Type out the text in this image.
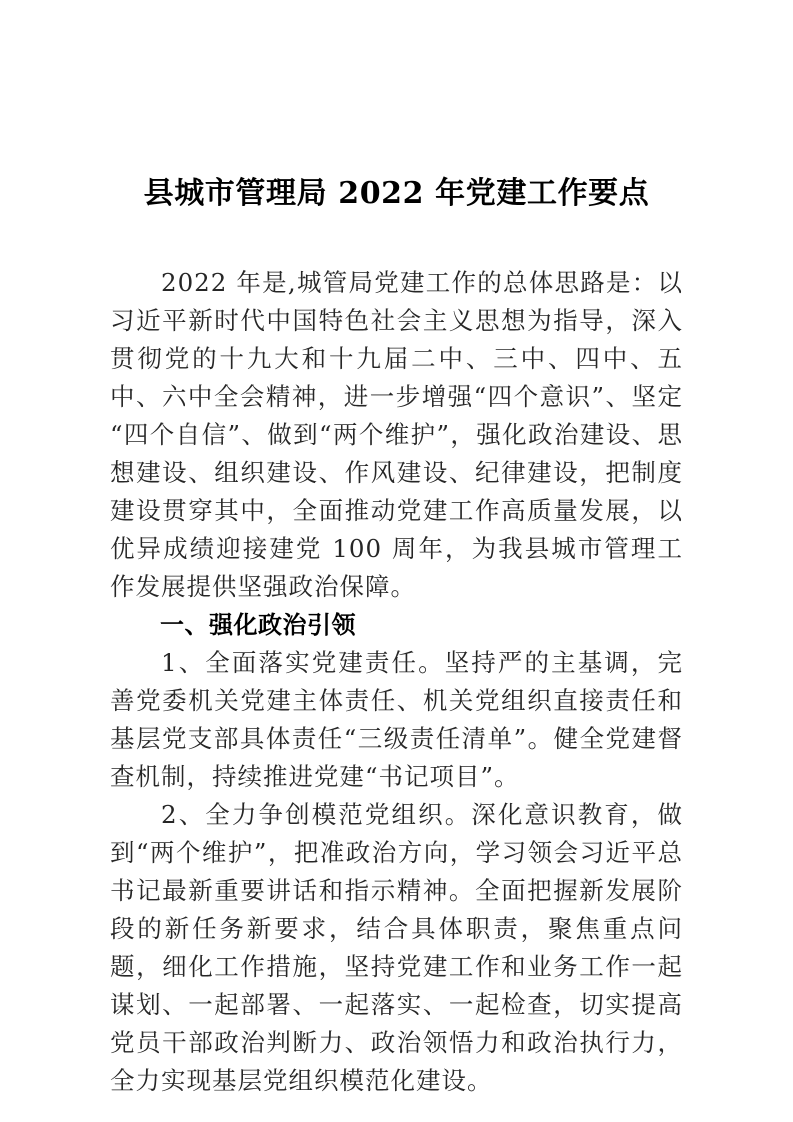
县城市管理局 2022 年党建工作要点

2022 年是,城管局党建工作的总体思路是：以习近平新时代中国特色社会主义思想为指导，深入贯彻党的十九大和十九届二中、三中、四中、五中、六中全会精神，进一步增强“四个意识”、坚定“四个自信”、做到“两个维护”，强化政治建设、思想建设、组织建设、作风建设、纪律建设，把制度建设贯穿其中，全面推动党建工作高质量发展，以优异成绩迎接建党 100 周年，为我县城市管理工作发展提供坚强政治保障。

一、强化政治引领

1、全面落实党建责任。坚持严的主基调，完善党委机关党建主体责任、机关党组织直接责任和基层党支部具体责任“三级责任清单”。健全党建督查机制，持续推进党建“书记项目”。

2、全力争创模范党组织。深化意识教育，做到“两个维护”，把准政治方向，学习领会习近平总书记最新重要讲话和指示精神。全面把握新发展阶段的新任务新要求，结合具体职责，聚焦重点问题，细化工作措施，坚持党建工作和业务工作一起谋划、一起部署、一起落实、一起检查，切实提高党员干部政治判断力、政治领悟力和政治执行力，全力实现基层党组织模范化建设。
